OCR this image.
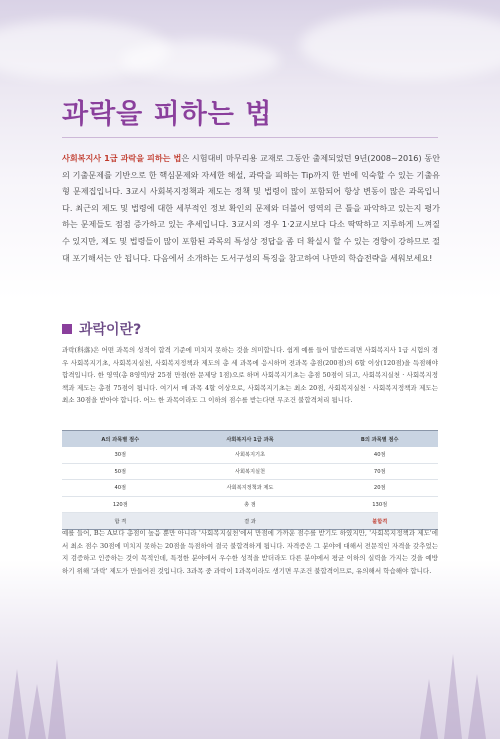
과락을 피하는 법

사회복지사 1급 과락을 피하는 법은 시험대비 마무리용 교재로 그동안 출제되었던 9년(2008~2016) 동안의 기출문제를 기반으로 한 핵심문제와 자세한 해설, 과락을 피하는 Tip까지 한 번에 익숙할 수 있는 기출유형 문제집입니다. 3교시 사회복지정책과 제도는 정책 및 법령이 많이 포함되어 항상 변동이 많은 과목입니다. 최근의 제도 및 법령에 대한 세부적인 정보 확인의 문제와 더불어 영역의 큰 틀을 파악하고 있는지 평가하는 문제들도 점점 증가하고 있는 추세입니다. 3교시의 경우 1·2교시보다 다소 딱딱하고 지루하게 느껴질 수 있지만, 제도 및 법령들이 많이 포함된 과목의 특성상 정답을 좀 더 확실시 할 수 있는 경향이 강하므로 절대 포기해서는 안 됩니다. 다음에서 소개하는 도서구성의 특징을 참고하여 나만의 학습전략을 세워보세요!

과락이란?

과락(科落)은 어떤 과목의 성적이 합격 기준에 미치지 못하는 것을 의미합니다. 쉽게 예를 들어 말씀드리면 사회복지사 1급 시험의 경우 사회복지기초, 사회복지실천, 사회복지정책과 제도의 총 세 과목에 응시하며 전과목 총점(200점)의 6할 이상(120점)을 득점해야 합격입니다. 한 영역(총 8영역)당 25점 만점(한 문제당 1점)으로 하며 사회복지기초는 총점 50점이 되고, 사회복지실천 · 사회복지정책과 제도는 총점 75점이 됩니다. 여기서 매 과목 4할 이상으로, 사회복지기초는 최소 20점, 사회복지실천 · 사회복지정책과 제도는 최소 30점을 받아야 합니다. 어느 한 과목이라도 그 이하의 점수를 받는다면 무조건 불합격처리 됩니다.

A의 과목별 점수	사회복지사 1급 과목	B의 과목별 점수
30점	사회복지기초	40점
50점	사회복지실천	70점
40점	사회복지정책과 제도	20점
120점	총 점	130점
합 격	결 과	불합격

예를 들어, B는 A보다 총점이 높음 뿐만 아니라 '사회복지실천'에서 만점에 가까운 점수를 받기도 하였지만, '사회복지정책과 제도'에서 최소 점수 30점에 미치지 못하는 20점을 득점하여 결국 불합격하게 됩니다. 자격증은 그 분야에 대해서 전문적인 자격을 갖추었는지 검증하고 인증하는 것이 목적인데, 특정한 분야에서 우수한 성적을 받더라도 다른 분야에서 평균 이하의 실력을 가지는 것을 예방하기 위해 '과락' 제도가 만들어진 것입니다. 3과목 중 과락이 1과목이라도 생기면 무조건 불합격이므로, 유의해서 학습해야 합니다.
